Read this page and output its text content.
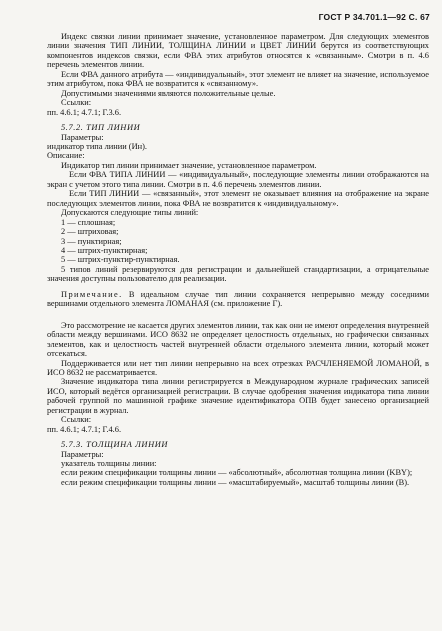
ГОСТ Р 34.701.1—92 С. 67

Индекс связки линии принимает значение, установленное параметром. Для следующих элементов линии значения ТИП ЛИНИИ, ТОЛЩИНА ЛИНИИ и ЦВЕТ ЛИНИИ берутся из соответствующих компонентов индексов связки, если ФВА этих атрибутов относятся к «связанным». Смотри в п. 4.6 перечень элементов линии.

Если ФВА данного атрибута — «индивидуальный», этот элемент не влияет на значение, используемое этим атрибутом, пока ФВА не возвратится к «связанному».

Допустимыми значениями являются положительные целые.

Ссылки:

пп. 4.6.1; 4.7.1; Г.3.6.

5.7.2. ТИП ЛИНИИ

Параметры:

индикатор типа линии (Ин).

Описание:

Индикатор тип линии принимает значение, установленное параметром.

Если ФВА ТИПА ЛИНИИ — «индивидуальный», последующие элементы линии отображаются на экран с учетом этого типа линии. Смотри в п. 4.6 перечень элементов линии.

Если ТИП ЛИНИИ — «связанный», этот элемент не оказывает влияния на отображение на экране последующих элементов линии, пока ФВА не возвратится к «индивидуальному».

Допускаются следующие типы линий:

1 — сплошная;
2 — штриховая;
3 — пунктирная;
4 — штрих-пунктирная;
5 — штрих-пунктир-пунктирная.

5 типов линий резервируются для регистрации и дальнейшей стандартизации, а отрицательные значения доступны пользователю для реализации.

Примечание. В идеальном случае тип линии сохраняется непрерывно между соседними вершинами отдельного элемента ЛОМАНАЯ (см. приложение Г).

Это рассмотрение не касается других элементов линии, так как они не имеют определения внутренней области между вершинами. ИСО 8632 не определяет целостность отдельных, но графически связанных элементов, как и целостность частей внутренней области отдельного элемента линии, который может отсекаться.

Поддерживается или нет тип линии непрерывно на всех отрезках РАСЧЛЕНЯЕМОЙ ЛОМАНОЙ, в ИСО 8632 не рассматривается.

Значение индикатора типа линии регистрируется в Международном журнале графических записей ИСО, который ведётся организацией регистрации. В случае одобрения значения индикатора типа линии рабочей группой по машинной графике значение идентификатора ОПВ будет занесено организацией регистрации в журнал.

Ссылки:

пп. 4.6.1; 4.7.1; Г.4.6.

5.7.3. ТОЛЩИНА ЛИНИИ

Параметры:

указатель толщины линии:

если режим спецификации толщины линии — «абсолютный», абсолютная толщина линии (KBY);

если режим спецификации толщины линии — «масштабируемый», масштаб толщины линии (B).
